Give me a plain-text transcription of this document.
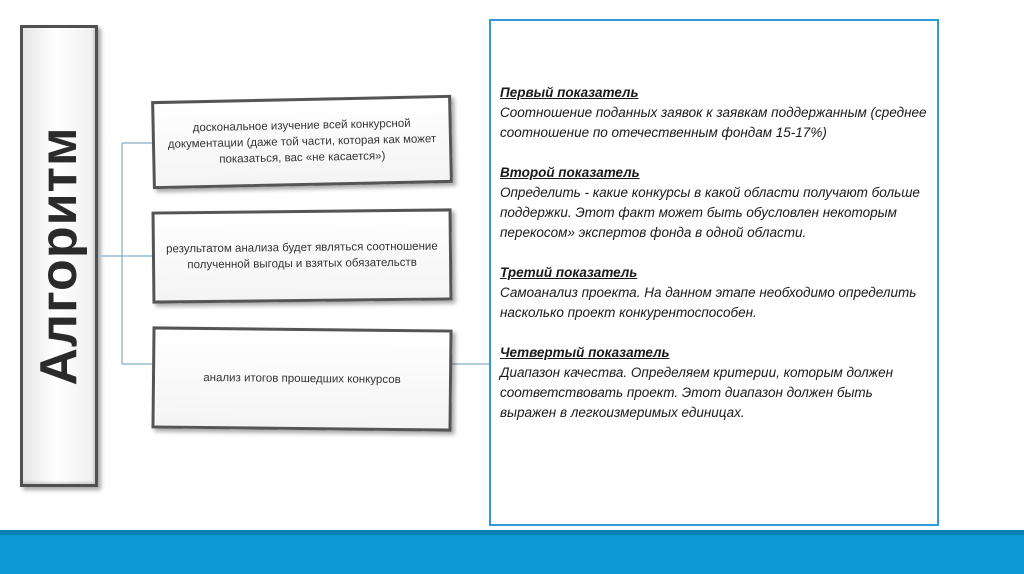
Алгоритм
доскональное изучение всей конкурсной документации (даже той части, которая как может показаться, вас «не касается»)
результатом анализа будет являться соотношение полученной выгоды и взятых обязательств
анализ итогов прошедших конкурсов
Первый показатель
Соотношение поданных заявок к заявкам поддержанным (среднее соотношение по отечественным фондам 15-17%)
Второй показатель
Определить - какие конкурсы в какой области получают больше поддержки. Этот факт может быть обусловлен некоторым перекосом» экспертов фонда в одной области.
Третий показатель
Самоанализ проекта. На данном этапе необходимо определить насколько проект конкурентоспособен.
Четвертый показатель
Диапазон качества. Определяем критерии, которым должен соответствовать проект. Этот диапазон должен быть выражен в легкоизмеримых единицах.
